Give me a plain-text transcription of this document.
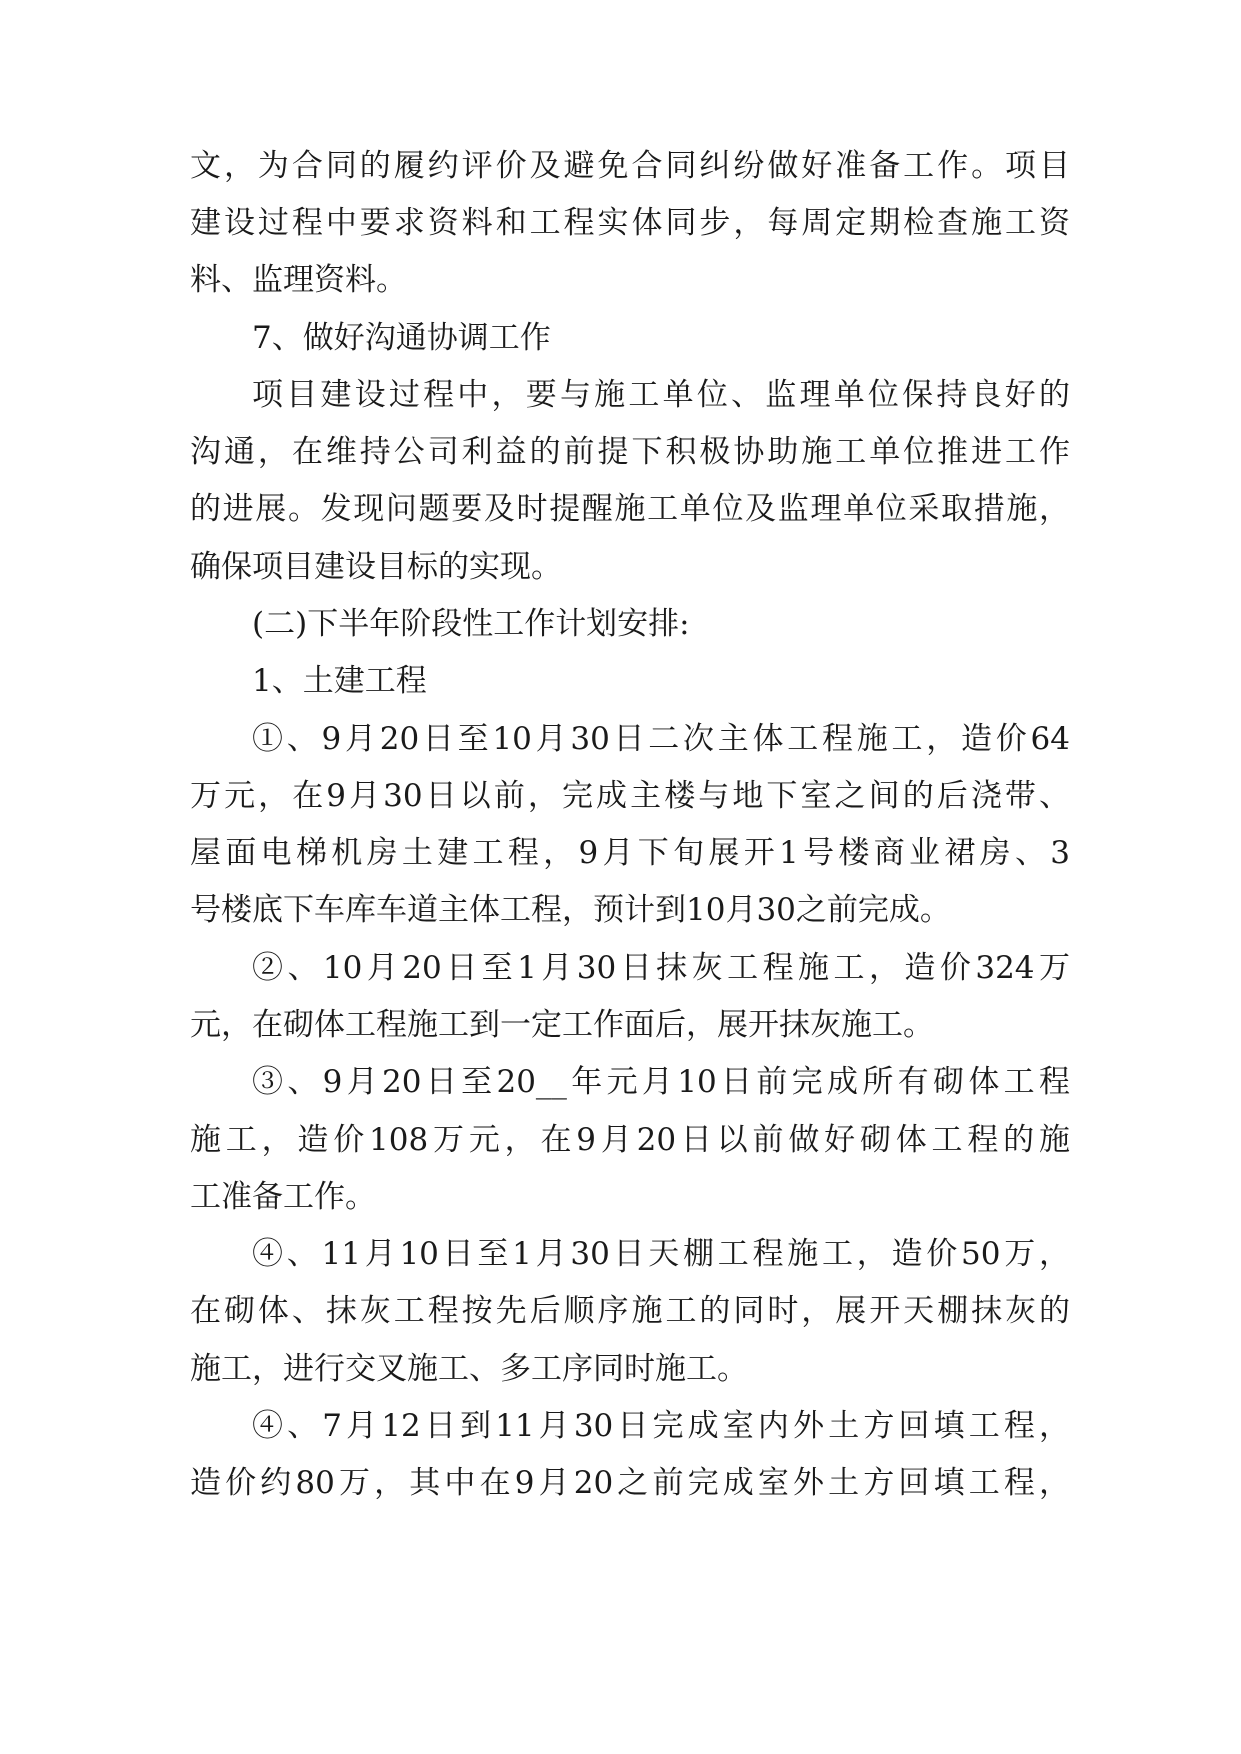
文，为合同的履约评价及避免合同纠纷做好准备工作。项目
建设过程中要求资料和工程实体同步，每周定期检查施工资
料、监理资料。
7、做好沟通协调工作
项目建设过程中，要与施工单位、监理单位保持良好的
沟通，在维持公司利益的前提下积极协助施工单位推进工作
的进展。发现问题要及时提醒施工单位及监理单位采取措施，
确保项目建设目标的实现。
(二)下半年阶段性工作计划安排:
1、土建工程
①、9月20日至10月30日二次主体工程施工，造价64
万元，在9月30日以前，完成主楼与地下室之间的后浇带、
屋面电梯机房土建工程，9月下旬展开1号楼商业裙房、3
号楼底下车库车道主体工程，预计到10月30之前完成。
②、10月20日至1月30日抹灰工程施工，造价324万
元，在砌体工程施工到一定工作面后，展开抹灰施工。
③、9月20日至20__年元月10日前完成所有砌体工程
施工，造价108万元，在9月20日以前做好砌体工程的施
工准备工作。
④、11月10日至1月30日天棚工程施工，造价50万，
在砌体、抹灰工程按先后顺序施工的同时，展开天棚抹灰的
施工，进行交叉施工、多工序同时施工。
④、7月12日到11月30日完成室内外土方回填工程，
造价约80万，其中在9月20之前完成室外土方回填工程，
